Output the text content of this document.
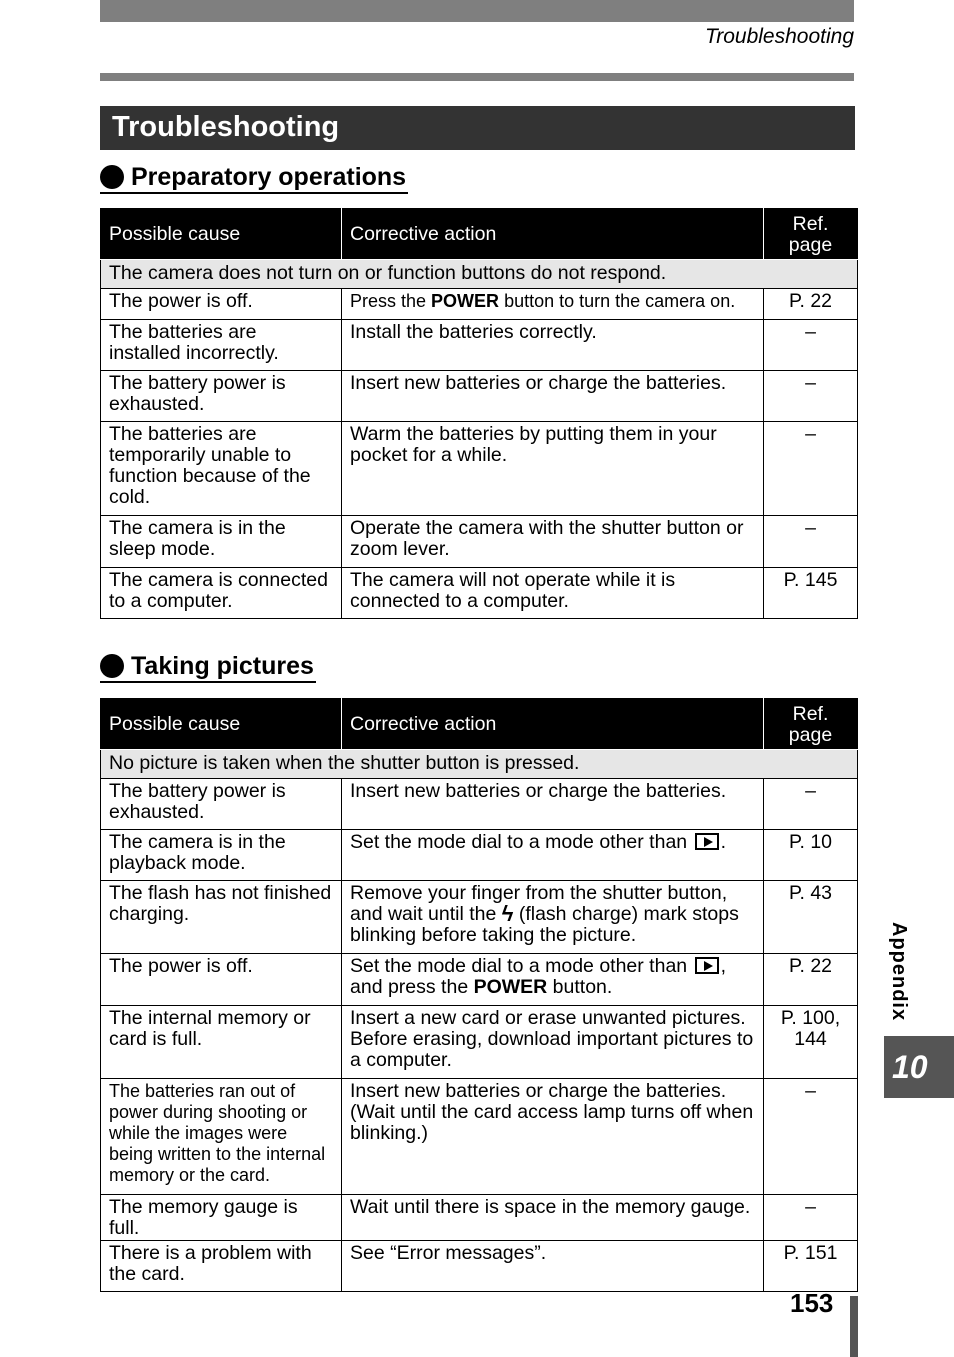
Troubleshooting
Troubleshooting
Preparatory operations
Possible cause	Corrective action	Ref. page
The camera does not turn on or function buttons do not respond.		
The power is off.	Press the POWER button to turn the camera on.	P. 22
The batteries are installed incorrectly.	Install the batteries correctly.	–
The battery power is exhausted.	Insert new batteries or charge the batteries.	–
The batteries are temporarily unable to function because of the cold.	Warm the batteries by putting them in your pocket for a while.	–
The camera is in the sleep mode.	Operate the camera with the shutter button or zoom lever.	–
The camera is connected to a computer.	The camera will not operate while it is connected to a computer.	P. 145
Taking pictures
Possible cause	Corrective action	Ref. page
No picture is taken when the shutter button is pressed.		
The battery power is exhausted.	Insert new batteries or charge the batteries.	–
The camera is in the playback mode.	Set the mode dial to a mode other than .	P. 10
The flash has not finished charging.	Remove your finger from the shutter button, and wait until the ϟ (flash charge) mark stops blinking before taking the picture.	P. 43
The power is off.	Set the mode dial to a mode other than , and press the POWER button.	P. 22
The internal memory or card is full.	Insert a new card or erase unwanted pictures. Before erasing, download important pictures to a computer.	P. 100, 144
The batteries ran out of power during shooting or while the images were being written to the internal memory or the card.	Insert new batteries or charge the batteries. (Wait until the card access lamp turns off when blinking.)	–
The memory gauge is full.	Wait until there is space in the memory gauge.	–
There is a problem with the card.	See “Error messages”.	P. 151
Appendix
10
153
